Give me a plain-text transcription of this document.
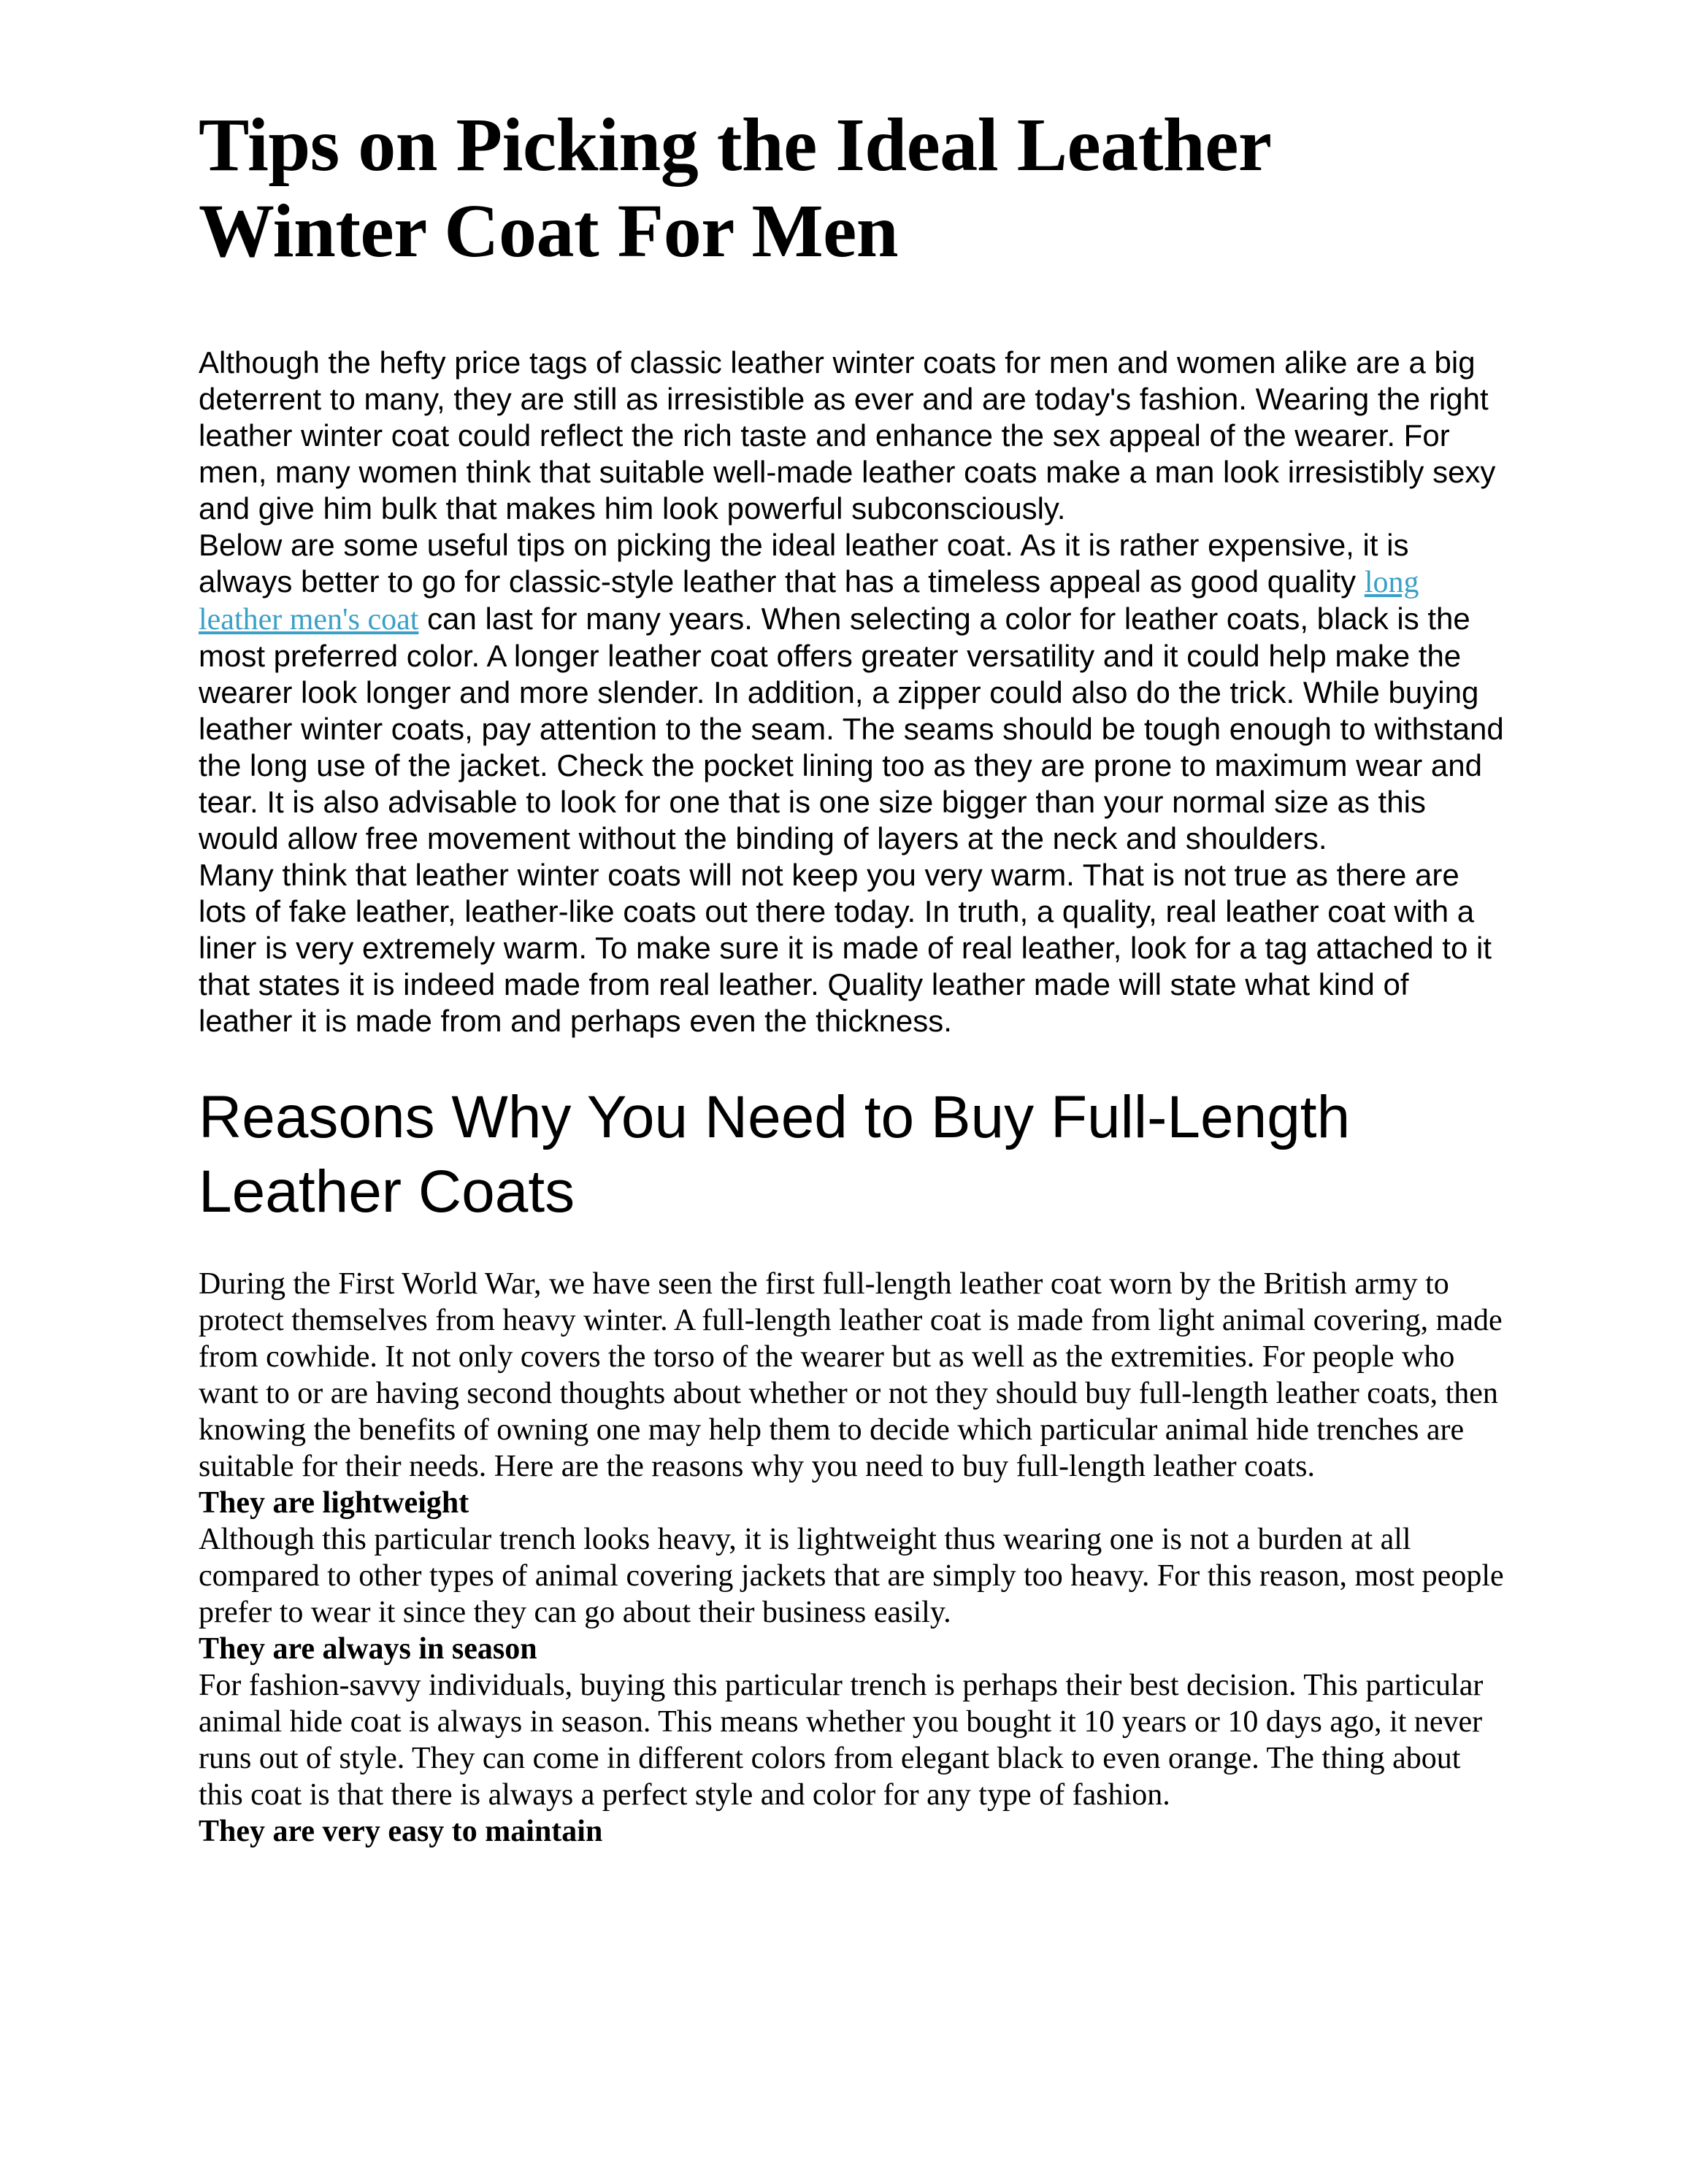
Tips on Picking the Ideal Leather Winter Coat For Men

Although the hefty price tags of classic leather winter coats for men and women alike are a big deterrent to many, they are still as irresistible as ever and are today's fashion. Wearing the right leather winter coat could reflect the rich taste and enhance the sex appeal of the wearer. For men, many women think that suitable well-made leather coats make a man look irresistibly sexy and give him bulk that makes him look powerful subconsciously.

Below are some useful tips on picking the ideal leather coat. As it is rather expensive, it is always better to go for classic-style leather that has a timeless appeal as good quality long leather men's coat can last for many years. When selecting a color for leather coats, black is the most preferred color. A longer leather coat offers greater versatility and it could help make the wearer look longer and more slender. In addition, a zipper could also do the trick. While buying leather winter coats, pay attention to the seam. The seams should be tough enough to withstand the long use of the jacket. Check the pocket lining too as they are prone to maximum wear and tear. It is also advisable to look for one that is one size bigger than your normal size as this would allow free movement without the binding of layers at the neck and shoulders.

Many think that leather winter coats will not keep you very warm. That is not true as there are lots of fake leather, leather-like coats out there today. In truth, a quality, real leather coat with a liner is very extremely warm. To make sure it is made of real leather, look for a tag attached to it that states it is indeed made from real leather. Quality leather made will state what kind of leather it is made from and perhaps even the thickness.

Reasons Why You Need to Buy Full-Length Leather Coats

During the First World War, we have seen the first full-length leather coat worn by the British army to protect themselves from heavy winter. A full-length leather coat is made from light animal covering, made from cowhide. It not only covers the torso of the wearer but as well as the extremities. For people who want to or are having second thoughts about whether or not they should buy full-length leather coats, then knowing the benefits of owning one may help them to decide which particular animal hide trenches are suitable for their needs. Here are the reasons why you need to buy full-length leather coats.

They are lightweight

Although this particular trench looks heavy, it is lightweight thus wearing one is not a burden at all compared to other types of animal covering jackets that are simply too heavy. For this reason, most people prefer to wear it since they can go about their business easily.

They are always in season

For fashion-savvy individuals, buying this particular trench is perhaps their best decision. This particular animal hide coat is always in season. This means whether you bought it 10 years or 10 days ago, it never runs out of style. They can come in different colors from elegant black to even orange. The thing about this coat is that there is always a perfect style and color for any type of fashion.

They are very easy to maintain
